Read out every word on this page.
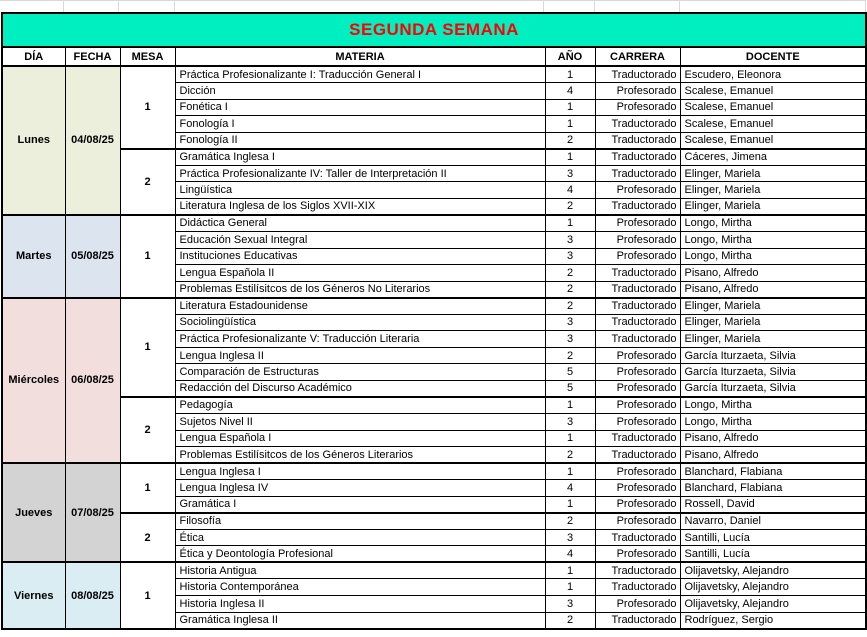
SEGUNDA SEMANA						
DÍA	FECHA	MESA	MATERIA	AÑO	CARRERA	DOCENTE
Lunes	04/08/25	1	Práctica Profesionalizante I: Traducción General I	1	Traductorado	Escudero, Eleonora
			Dicción	4	Profesorado	Scalese, Emanuel
			Fonética I	1	Profesorado	Scalese, Emanuel
			Fonología I	1	Traductorado	Scalese, Emanuel
			Fonología II	2	Traductorado	Scalese, Emanuel
		2	Gramática Inglesa I	1	Traductorado	Cáceres, Jimena
			Práctica Profesionalizante IV: Taller de Interpretación II	3	Traductorado	Elinger, Mariela
			Lingüística	4	Profesorado	Elinger, Mariela
			Literatura Inglesa de los Siglos XVII-XIX	2	Traductorado	Elinger, Mariela
Martes	05/08/25	1	Didáctica General	1	Profesorado	Longo, Mirtha
			Educación Sexual Integral	3	Profesorado	Longo, Mirtha
			Instituciones Educativas	3	Profesorado	Longo, Mirtha
			Lengua Española II	2	Traductorado	Pisano, Alfredo
			Problemas Estilísitcos de los Géneros No Literarios	2	Traductorado	Pisano, Alfredo
Miércoles	06/08/25	1	Literatura Estadounidense	2	Traductorado	Elinger, Mariela
			Sociolingüística	3	Traductorado	Elinger, Mariela
			Práctica Profesionalizante V: Traducción Literaria	3	Traductorado	Elinger, Mariela
			Lengua Inglesa II	2	Profesorado	García Iturzaeta, Silvia
			Comparación de Estructuras	5	Profesorado	García Iturzaeta, Silvia
			Redacción del Discurso Académico	5	Profesorado	García Iturzaeta, Silvia
		2	Pedagogía	1	Profesorado	Longo, Mirtha
			Sujetos Nivel II	3	Profesorado	Longo, Mirtha
			Lengua Española I	1	Traductorado	Pisano, Alfredo
			Problemas Estilísitcos de los Géneros Literarios	2	Traductorado	Pisano, Alfredo
Jueves	07/08/25	1	Lengua Inglesa I	1	Profesorado	Blanchard, Flabiana
			Lengua Inglesa IV	4	Profesorado	Blanchard, Flabiana
			Gramática I	1	Profesorado	Rossell, David
		2	Filosofía	2	Profesorado	Navarro, Daniel
			Ética	3	Traductorado	Santilli, Lucía
			Ética y Deontología Profesional	4	Profesorado	Santilli, Lucía
Viernes	08/08/25	1	Historia Antigua	1	Traductorado	Olijavetsky, Alejandro
			Historia Contemporánea	1	Traductorado	Olijavetsky, Alejandro
			Historia Inglesa II	3	Profesorado	Olijavetsky, Alejandro
			Gramática Inglesa II	2	Traductorado	Rodríguez, Sergio
